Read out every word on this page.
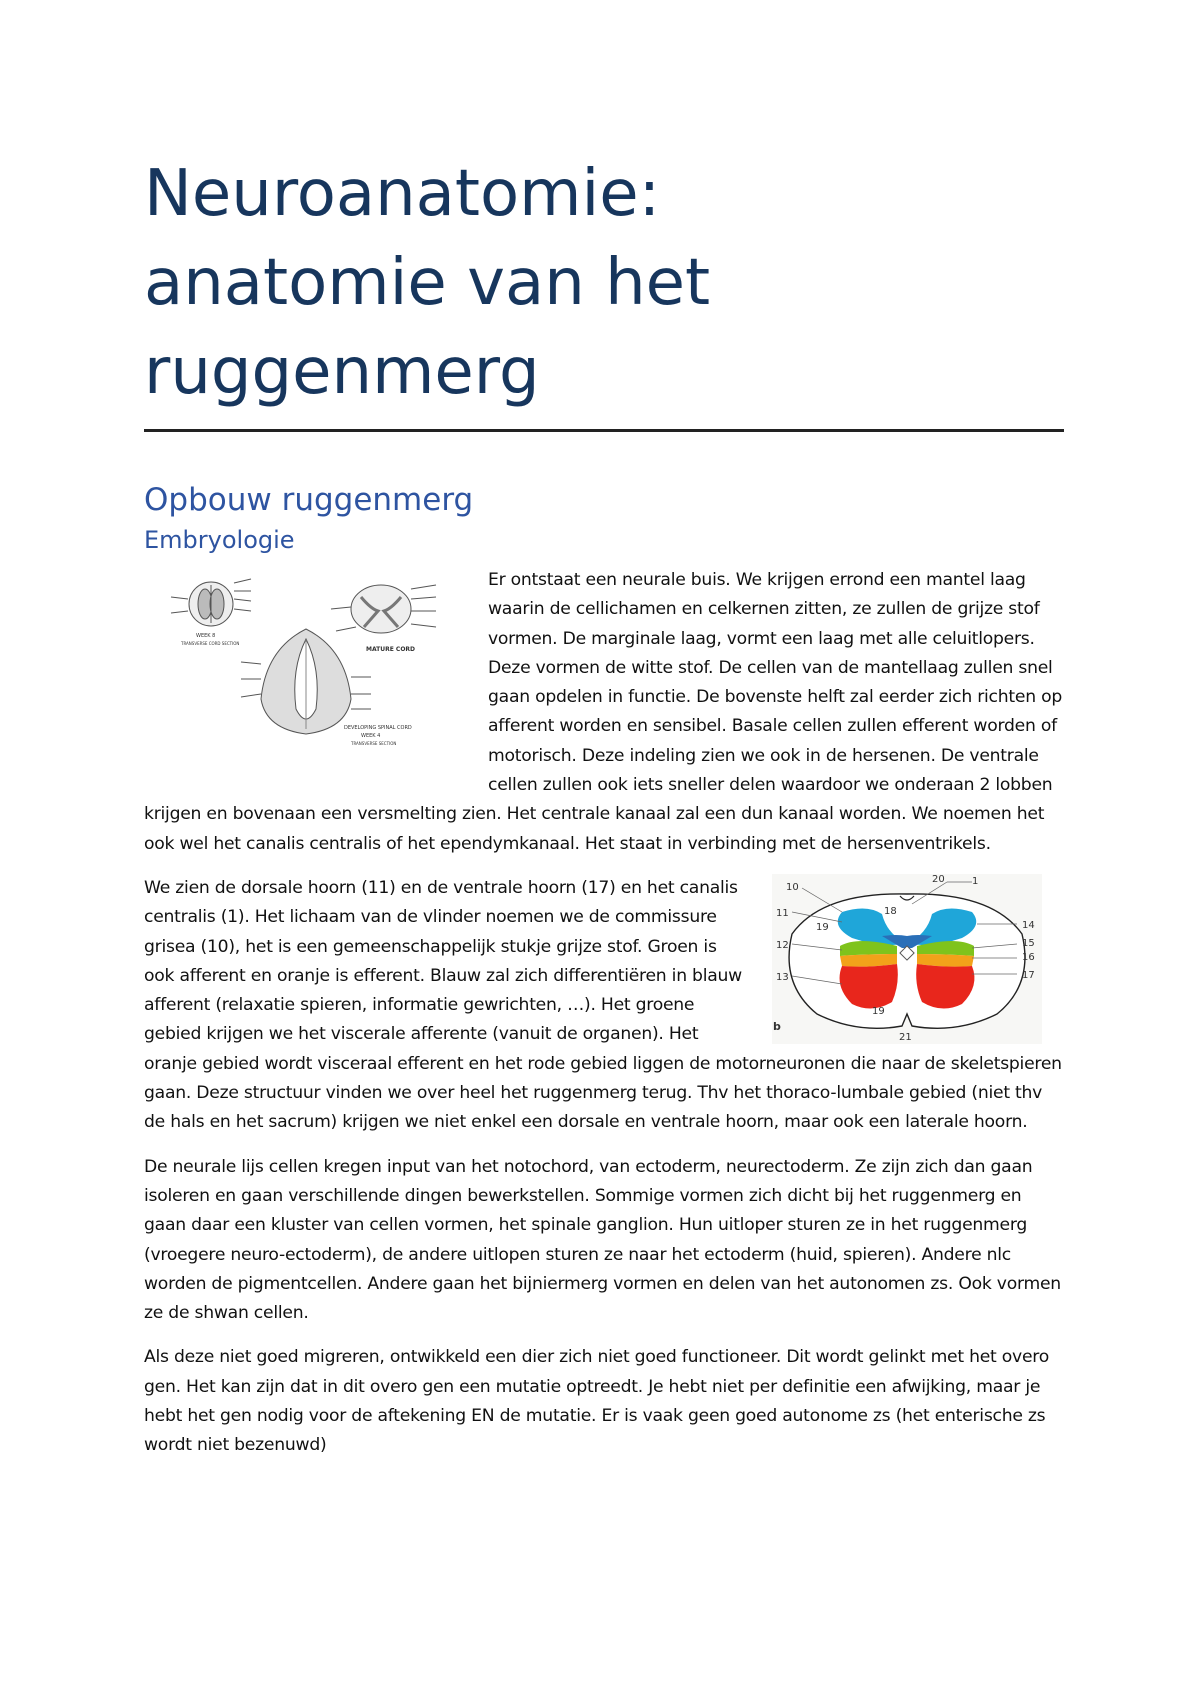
Neuroanatomie:
anatomie van het
ruggenmerg
Opbouw ruggenmerg
Embryologie
WEEK 8
TRANSVERSE CORD SECTION
MATURE CORD
DEVELOPING SPINAL CORD
WEEK 4
TRANSVERSE SECTION

Er ontstaat een neurale buis. We krijgen errond een mantel laag waarin de cellichamen en celkernen zitten, ze zullen de grijze stof vormen. De marginale laag, vormt een laag met alle celuitlopers. Deze vormen de witte stof. De cellen van de mantellaag zullen snel gaan opdelen in functie. De bovenste helft zal eerder zich richten op afferent worden en sensibel. Basale cellen zullen efferent worden of motorisch. Deze indeling zien we ook in de hersenen. De ventrale cellen zullen ook iets sneller delen waardoor we onderaan 2 lobben krijgen en bovenaan een versmelting zien. Het centrale kanaal zal een dun kanaal worden. We noemen het ook wel het canalis centralis of het ependymkanaal. Het staat in verbinding met de hersenventrikels.

20	1
10
18
11
19	14
12	15
16
13	17
19
21
b

We zien de dorsale hoorn (11) en de ventrale hoorn (17) en het canalis centralis (1). Het lichaam van de vlinder noemen we de commissure grisea (10), het is een gemeenschappelijk stukje grijze stof. Groen is ook afferent en oranje is efferent. Blauw zal zich differentiëren in blauw afferent (relaxatie spieren, informatie gewrichten, …). Het groene gebied krijgen we het viscerale afferente (vanuit de organen). Het oranje gebied wordt visceraal efferent en het rode gebied liggen de motorneuronen die naar de skeletspieren gaan. Deze structuur vinden we over heel het ruggenmerg terug. Thv het thoraco-lumbale gebied (niet thv de hals en het sacrum) krijgen we niet enkel een dorsale en ventrale hoorn, maar ook een laterale hoorn.

De neurale lijs cellen kregen input van het notochord, van ectoderm, neurectoderm. Ze zijn zich dan gaan isoleren en gaan verschillende dingen bewerkstellen. Sommige vormen zich dicht bij het ruggenmerg en gaan daar een kluster van cellen vormen, het spinale ganglion. Hun uitloper sturen ze in het ruggenmerg (vroegere neuro-ectoderm), de andere uitlopen sturen ze naar het ectoderm (huid, spieren). Andere nlc worden de pigmentcellen. Andere gaan het bijniermerg vormen en delen van het autonomen zs. Ook vormen ze de shwan cellen.

Als deze niet goed migreren, ontwikkeld een dier zich niet goed functioneer. Dit wordt gelinkt met het overo gen. Het kan zijn dat in dit overo gen een mutatie optreedt. Je hebt niet per definitie een afwijking, maar je hebt het gen nodig voor de aftekening EN de mutatie. Er is vaak geen goed autonome zs (het enterische zs wordt niet bezenuwd)
